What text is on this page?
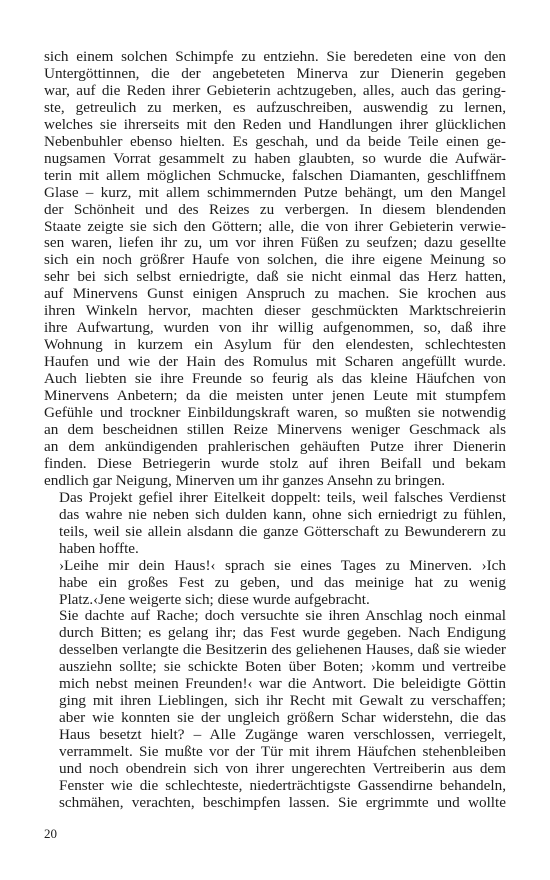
sich einem solchen Schimpfe zu entziehn. Sie beredeten eine von den
Untergöttinnen, die der angebeteten Minerva zur Dienerin gegeben
war, auf die Reden ihrer Gebieterin achtzugeben, alles, auch das gering-
ste, getreulich zu merken, es aufzuschreiben, auswendig zu lernen,
welches sie ihrerseits mit den Reden und Handlungen ihrer glücklichen
Nebenbuhler ebenso hielten. Es geschah, und da beide Teile einen ge-
nugsamen Vorrat gesammelt zu haben glaubten, so wurde die Aufwär-
terin mit allem möglichen Schmucke, falschen Diamanten, geschliffnem
Glase – kurz, mit allem schimmernden Putze behängt, um den Mangel
der Schönheit und des Reizes zu verbergen. In diesem blendenden
Staate zeigte sie sich den Göttern; alle, die von ihrer Gebieterin verwie-
sen waren, liefen ihr zu, um vor ihren Füßen zu seufzen; dazu gesellte
sich ein noch größrer Haufe von solchen, die ihre eigene Meinung so
sehr bei sich selbst erniedrigte, daß sie nicht einmal das Herz hatten,
auf Minervens Gunst einigen Anspruch zu machen. Sie krochen aus
ihren Winkeln hervor, machten dieser geschmückten Marktschreierin
ihre Aufwartung, wurden von ihr willig aufgenommen, so, daß ihre
Wohnung in kurzem ein Asylum für den elendesten, schlechtesten
Haufen und wie der Hain des Romulus mit Scharen angefüllt wurde.
Auch liebten sie ihre Freunde so feurig als das kleine Häufchen von
Minervens Anbetern; da die meisten unter jenen Leute mit stumpfem
Gefühle und trockner Einbildungskraft waren, so mußten sie notwendig
an dem bescheidnen stillen Reize Minervens weniger Geschmack als
an dem ankündigenden prahlerischen gehäuften Putze ihrer Dienerin
finden. Diese Betriegerin wurde stolz auf ihren Beifall und bekam
endlich gar Neigung, Minerven um ihr ganzes Ansehn zu bringen.

Das Projekt gefiel ihrer Eitelkeit doppelt: teils, weil falsches Verdienst
das wahre nie neben sich dulden kann, ohne sich erniedrigt zu fühlen,
teils, weil sie allein alsdann die ganze Götterschaft zu Bewunderern zu
haben hoffte.

›Leihe mir dein Haus!‹ sprach sie eines Tages zu Minerven. ›Ich
habe ein großes Fest zu geben, und das meinige hat zu wenig
Platz.‹Jene weigerte sich; diese wurde aufgebracht.

Sie dachte auf Rache; doch versuchte sie ihren Anschlag noch einmal
durch Bitten; es gelang ihr; das Fest wurde gegeben. Nach Endigung
desselben verlangte die Besitzerin des geliehenen Hauses, daß sie wieder
ausziehn sollte; sie schickte Boten über Boten; ›komm und vertreibe
mich nebst meinen Freunden!‹ war die Antwort. Die beleidigte Göttin
ging mit ihren Lieblingen, sich ihr Recht mit Gewalt zu verschaffen;
aber wie konnten sie der ungleich größern Schar widerstehn, die das
Haus besetzt hielt? – Alle Zugänge waren verschlossen, verriegelt,
verrammelt. Sie mußte vor der Tür mit ihrem Häufchen stehenbleiben
und noch obendrein sich von ihrer ungerechten Vertreiberin aus dem
Fenster wie die schlechteste, niederträchtigste Gassendirne behandeln,
schmähen, verachten, beschimpfen lassen. Sie ergrimmte und wollte

20
